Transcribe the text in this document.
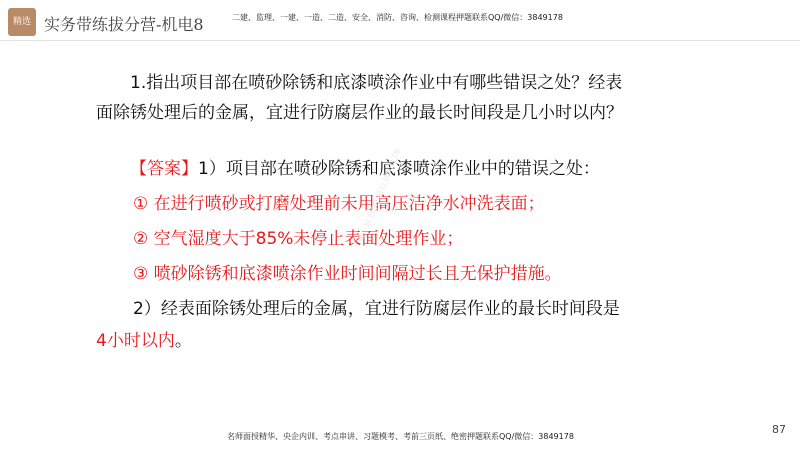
精选 实务带练拔分营-机电8	二建、监理、一建、一造、二造、安全、消防、咨询、检测课程押题联系QQ/微信：3849178
1.指出项目部在喷砂除锈和底漆喷涂作业中有哪些错误之处？经表
面除锈处理后的金属，宜进行防腐层作业的最长时间段是几小时以内？
【答案】1）项目部在喷砂除锈和底漆喷涂作业中的错误之处：
① 在进行喷砂或打磨处理前未用高压洁净水冲洗表面；
② 空气湿度大于85%未停止表面处理作业；
③ 喷砂除锈和底漆喷涂作业时间间隔过长且无保护措施。
2）经表面除锈处理后的金属，宜进行防腐层作业的最长时间段是
4小时以内。
唯一联系QQ/微信3849178
87
名师面授精华、央企内训、考点串讲、习题模考、考前三页纸、绝密押题联系QQ/微信：3849178
